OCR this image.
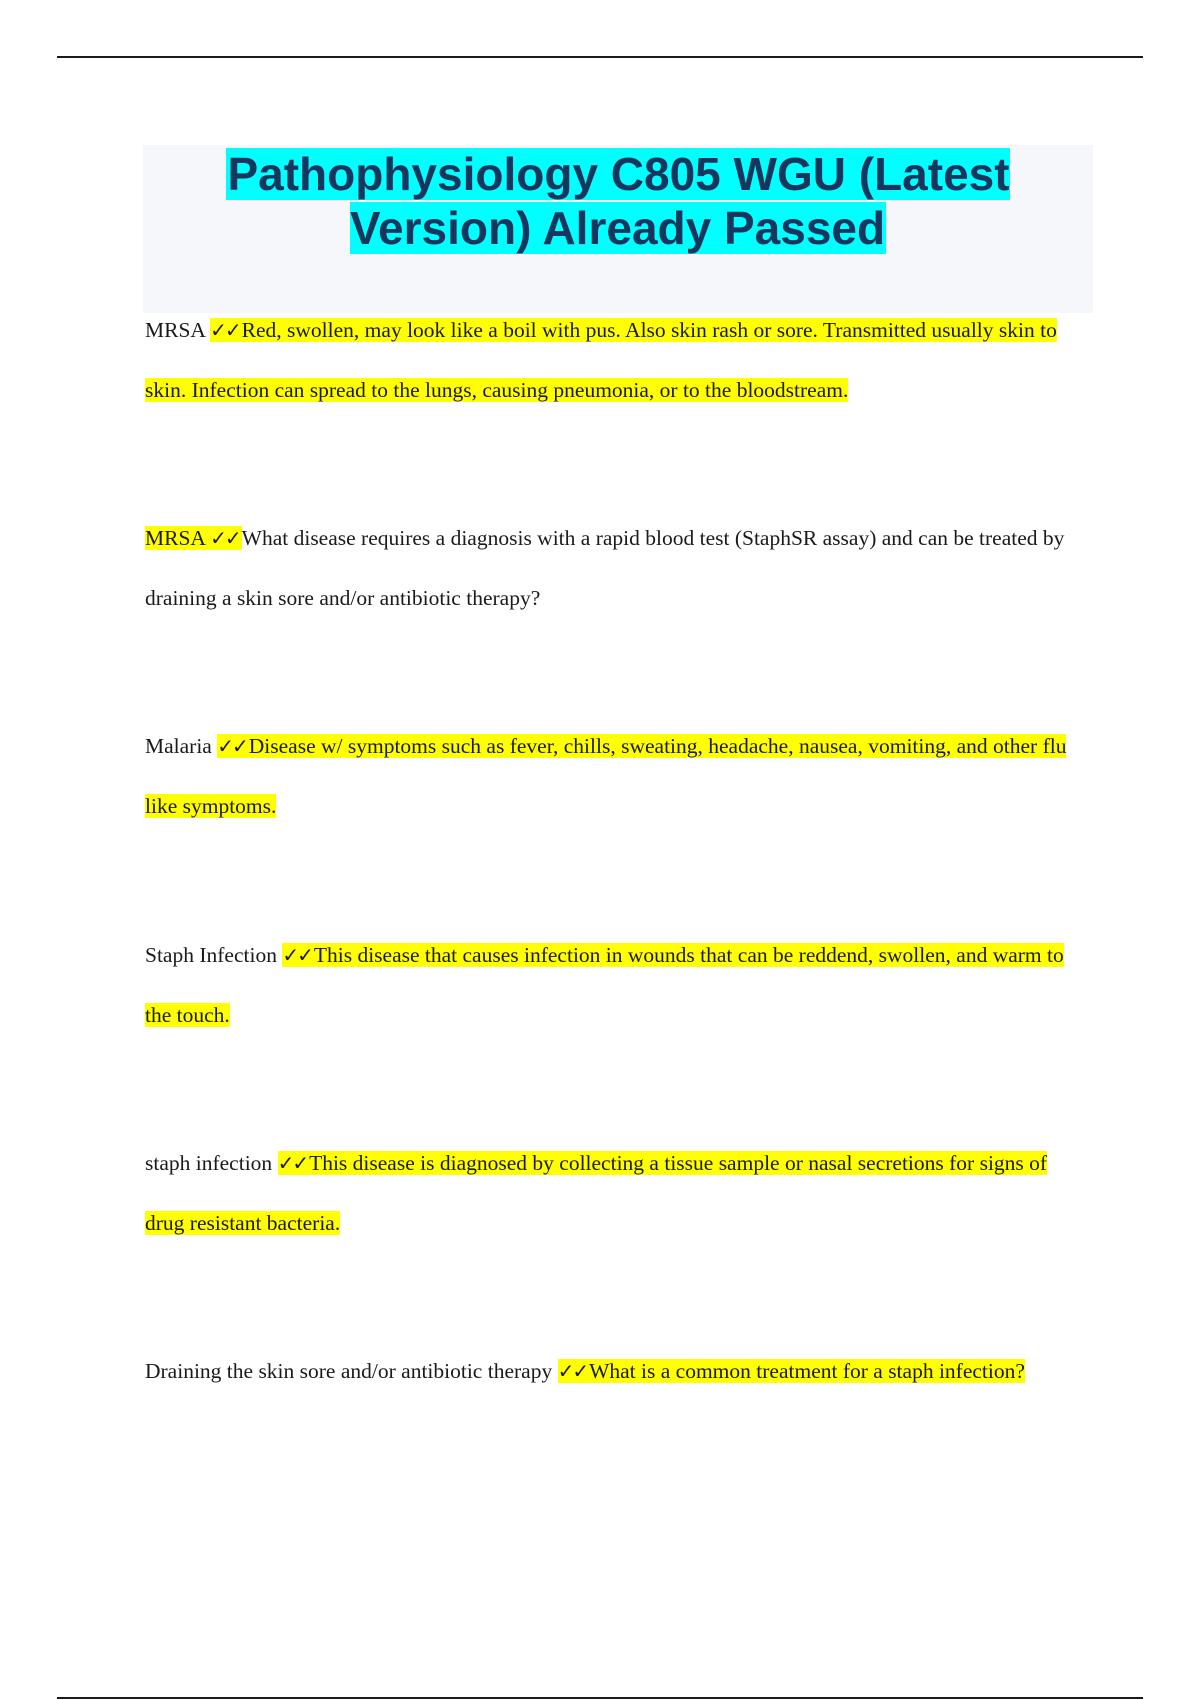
Pathophysiology C805 WGU (Latest Version) Already Passed

MRSA ✓✓Red, swollen, may look like a boil with pus. Also skin rash or sore. Transmitted usually skin to skin. Infection can spread to the lungs, causing pneumonia, or to the bloodstream.

MRSA ✓✓What disease requires a diagnosis with a rapid blood test (StaphSR assay) and can be treated by draining a skin sore and/or antibiotic therapy?

Malaria ✓✓Disease w/ symptoms such as fever, chills, sweating, headache, nausea, vomiting, and other flu like symptoms.

Staph Infection ✓✓This disease that causes infection in wounds that can be reddend, swollen, and warm to the touch.

staph infection ✓✓This disease is diagnosed by collecting a tissue sample or nasal secretions for signs of drug resistant bacteria.

Draining the skin sore and/or antibiotic therapy ✓✓What is a common treatment for a staph infection?
